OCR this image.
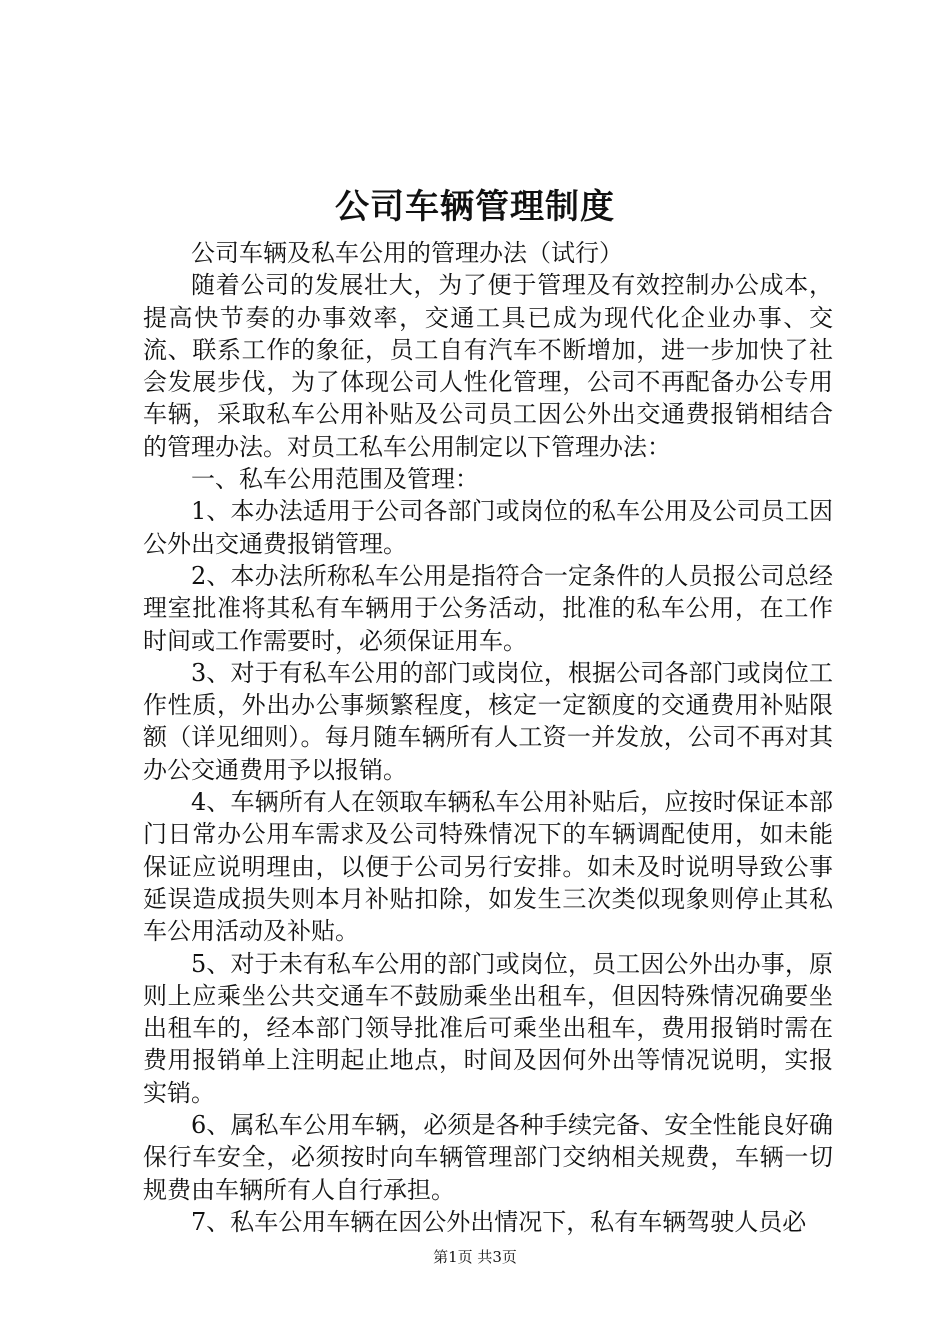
公司车辆管理制度

公司车辆及私车公用的管理办法（试行）

随着公司的发展壮大，为了便于管理及有效控制办公成本，提高快节奏的办事效率，交通工具已成为现代化企业办事、交流、联系工作的象征，员工自有汽车不断增加，进一步加快了社会发展步伐，为了体现公司人性化管理，公司不再配备办公专用车辆，采取私车公用补贴及公司员工因公外出交通费报销相结合的管理办法。对员工私车公用制定以下管理办法：

一、私车公用范围及管理：

1、本办法适用于公司各部门或岗位的私车公用及公司员工因公外出交通费报销管理。

2、本办法所称私车公用是指符合一定条件的人员报公司总经理室批准将其私有车辆用于公务活动，批准的私车公用，在工作时间或工作需要时，必须保证用车。

3、对于有私车公用的部门或岗位，根据公司各部门或岗位工作性质，外出办公事频繁程度，核定一定额度的交通费用补贴限额（详见细则）。每月随车辆所有人工资一并发放，公司不再对其办公交通费用予以报销。

4、车辆所有人在领取车辆私车公用补贴后，应按时保证本部门日常办公用车需求及公司特殊情况下的车辆调配使用，如未能保证应说明理由，以便于公司另行安排。如未及时说明导致公事延误造成损失则本月补贴扣除，如发生三次类似现象则停止其私车公用活动及补贴。

5、对于未有私车公用的部门或岗位，员工因公外出办事，原则上应乘坐公共交通车不鼓励乘坐出租车，但因特殊情况确要坐出租车的，经本部门领导批准后可乘坐出租车，费用报销时需在费用报销单上注明起止地点，时间及因何外出等情况说明，实报实销。

6、属私车公用车辆，必须是各种手续完备、安全性能良好确保行车安全，必须按时向车辆管理部门交纳相关规费，车辆一切规费由车辆所有人自行承担。

7、私车公用车辆在因公外出情况下，私有车辆驾驶人员必

第1页 共3页
